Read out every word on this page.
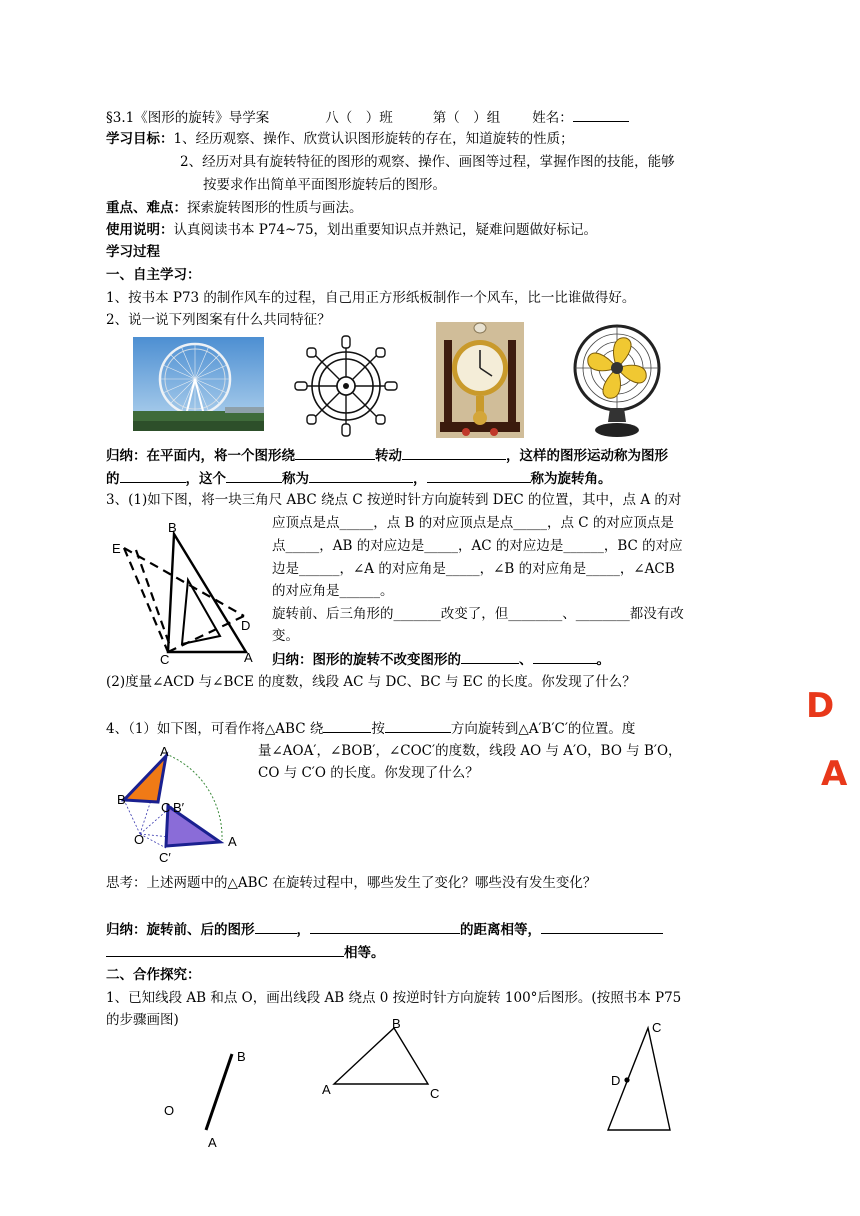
§3.1《图形的旋转》导学案	八（　）班	第（　）组 姓名：
学习目标：1、经历观察、操作、欣赏认识图形旋转的存在，知道旋转的性质；
2、经历对具有旋转特征的图形的观察、操作、画图等过程，掌握作图的技能，能够
按要求作出简单平面图形旋转后的图形。
重点、难点：探索旋转图形的性质与画法。
使用说明：认真阅读书本 P74~75，划出重要知识点并熟记，疑难问题做好标记。
学习过程
一、自主学习：
1、按书本 P73 的制作风车的过程，自己用正方形纸板制作一个风车，比一比谁做得好。
2、说一说下列图案有什么共同特征？
归纳：在平面内，将一个图形绕	转动	，这样的图形运动称为图形
的	，这个	称为	，	称为旋转角。
3、(1)如下图，将一块三角尺 ABC 绕点 C 按逆时针方向旋转到 DEC 的位置，其中，点 A 的对
应顶点是点_____，点 B 的对应顶点是点_____，点 C 的对应顶点是
点_____，AB 的对应边是_____，AC 的对应边是______，BC 的对应
边是______，∠A 的对应角是_____，∠B 的对应角是_____，∠ACB
的对应角是______。
旋转前、后三角形的_______改变了，但________、________都没有改
变。
归纳：图形的旋转不改变图形的	、	。
B
E
D
C	A
(2)度量∠ACD 与∠BCE 的度数，线段 AC 与 DC、BC 与 EC 的长度。你发现了什么？
4、（1）如下图，可看作将△ABC 绕	按	方向旋转到△A′B′C′的位置。度
量∠AOA′，∠BOB′，∠COC′的度数，线段 AO 与 A′O，BO 与 B′O，
CO 与 C′O 的长度。你发现了什么？
A
B
C B′
O	A
C′
思考：上述两题中的△ABC 在旋转过程中，哪些发生了变化？哪些没有发生变化？
归纳：旋转前、后的图形	，	的距离相等，
相等。
二、合作探究：
1、已知线段 AB 和点 O，画出线段 AB 绕点 0 按逆时针方向旋转 100°后图形。(按照书本 P75
的步骤画图)
B
O
A
B
A	C
C
D
D
A
